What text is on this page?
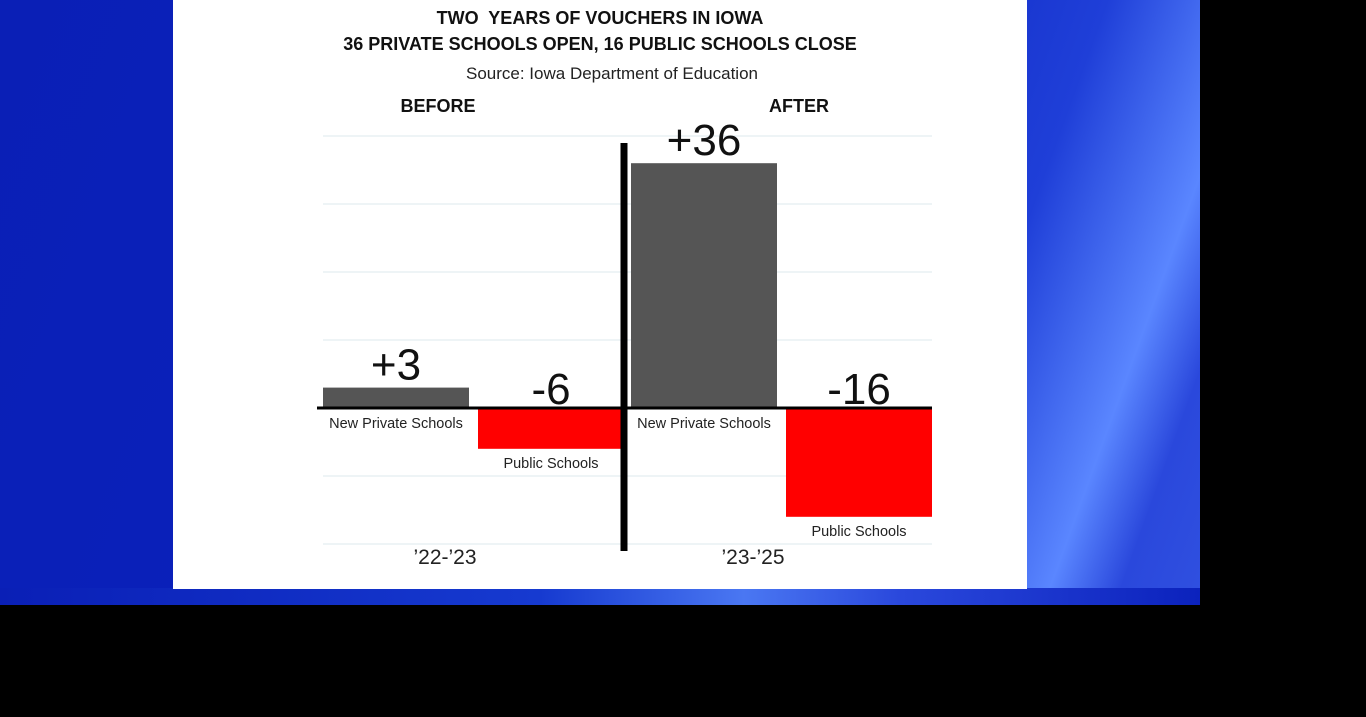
TWO  YEARS OF VOUCHERS IN IOWA
36 PRIVATE SCHOOLS OPEN, 16 PUBLIC SCHOOLS CLOSE
Source: Iowa Department of Education
BEFORE	AFTER
+3
New Private Schools
-6
Public Schools
’22-’23
+36
New Private Schools
-16
Public Schools
’23-’25
